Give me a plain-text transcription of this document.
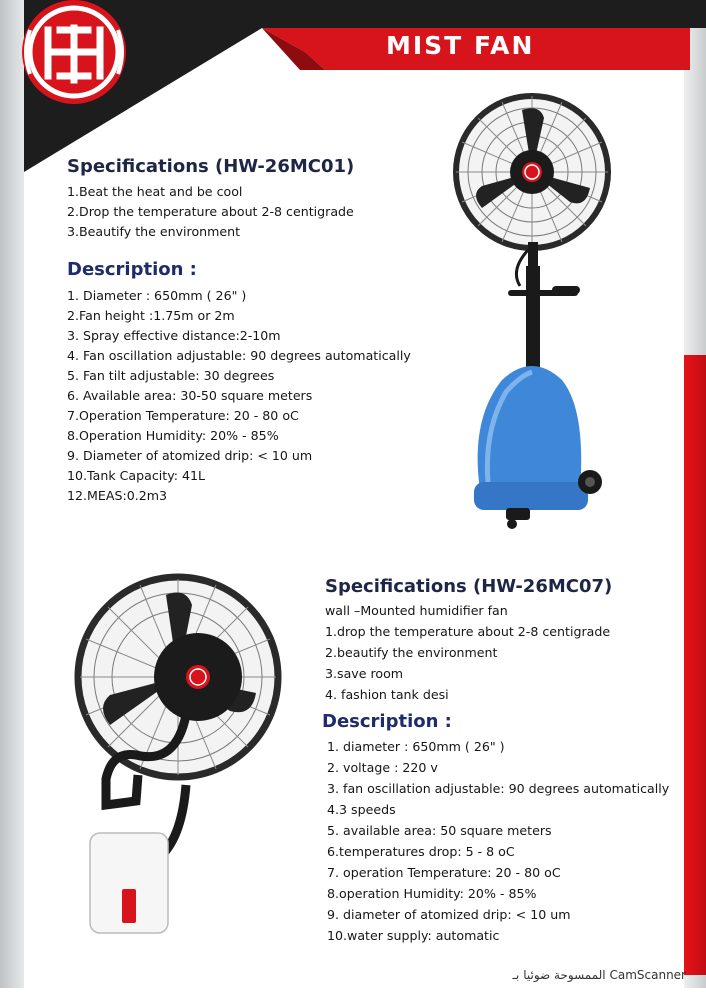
MIST FAN
Specifications (HW-26MC01)
1.Beat the heat and be cool
2.Drop the temperature about 2-8 centigrade
3.Beautify the environment
Description :
1. Diameter : 650mm ( 26" )
2.Fan height :1.75m or 2m
3. Spray effective distance:2-10m
4. Fan oscillation adjustable: 90 degrees automatically
5. Fan tilt adjustable: 30 degrees
6. Available area: 30-50 square meters
7.Operation Temperature: 20 - 80 oC
8.Operation Humidity: 20% - 85%
9. Diameter of atomized drip: < 10 um
10.Tank Capacity: 41L
12.MEAS:0.2m3
Specifications (HW-26MC07)
wall –Mounted humidifier fan
1.drop the temperature about 2-8 centigrade
2.beautify the environment
3.save room
4. fashion tank desi
Description :
1. diameter : 650mm ( 26" )
2. voltage : 220 v
3. fan oscillation adjustable: 90 degrees automatically
4.3 speeds
5. available area: 50 square meters
6.temperatures drop: 5 - 8 oC
7. operation Temperature: 20 - 80 oC
8.operation Humidity: 20% - 85%
9. diameter of atomized drip: < 10 um
10.water supply: automatic
الممسوحة ضوئيا بـ CamScanner
